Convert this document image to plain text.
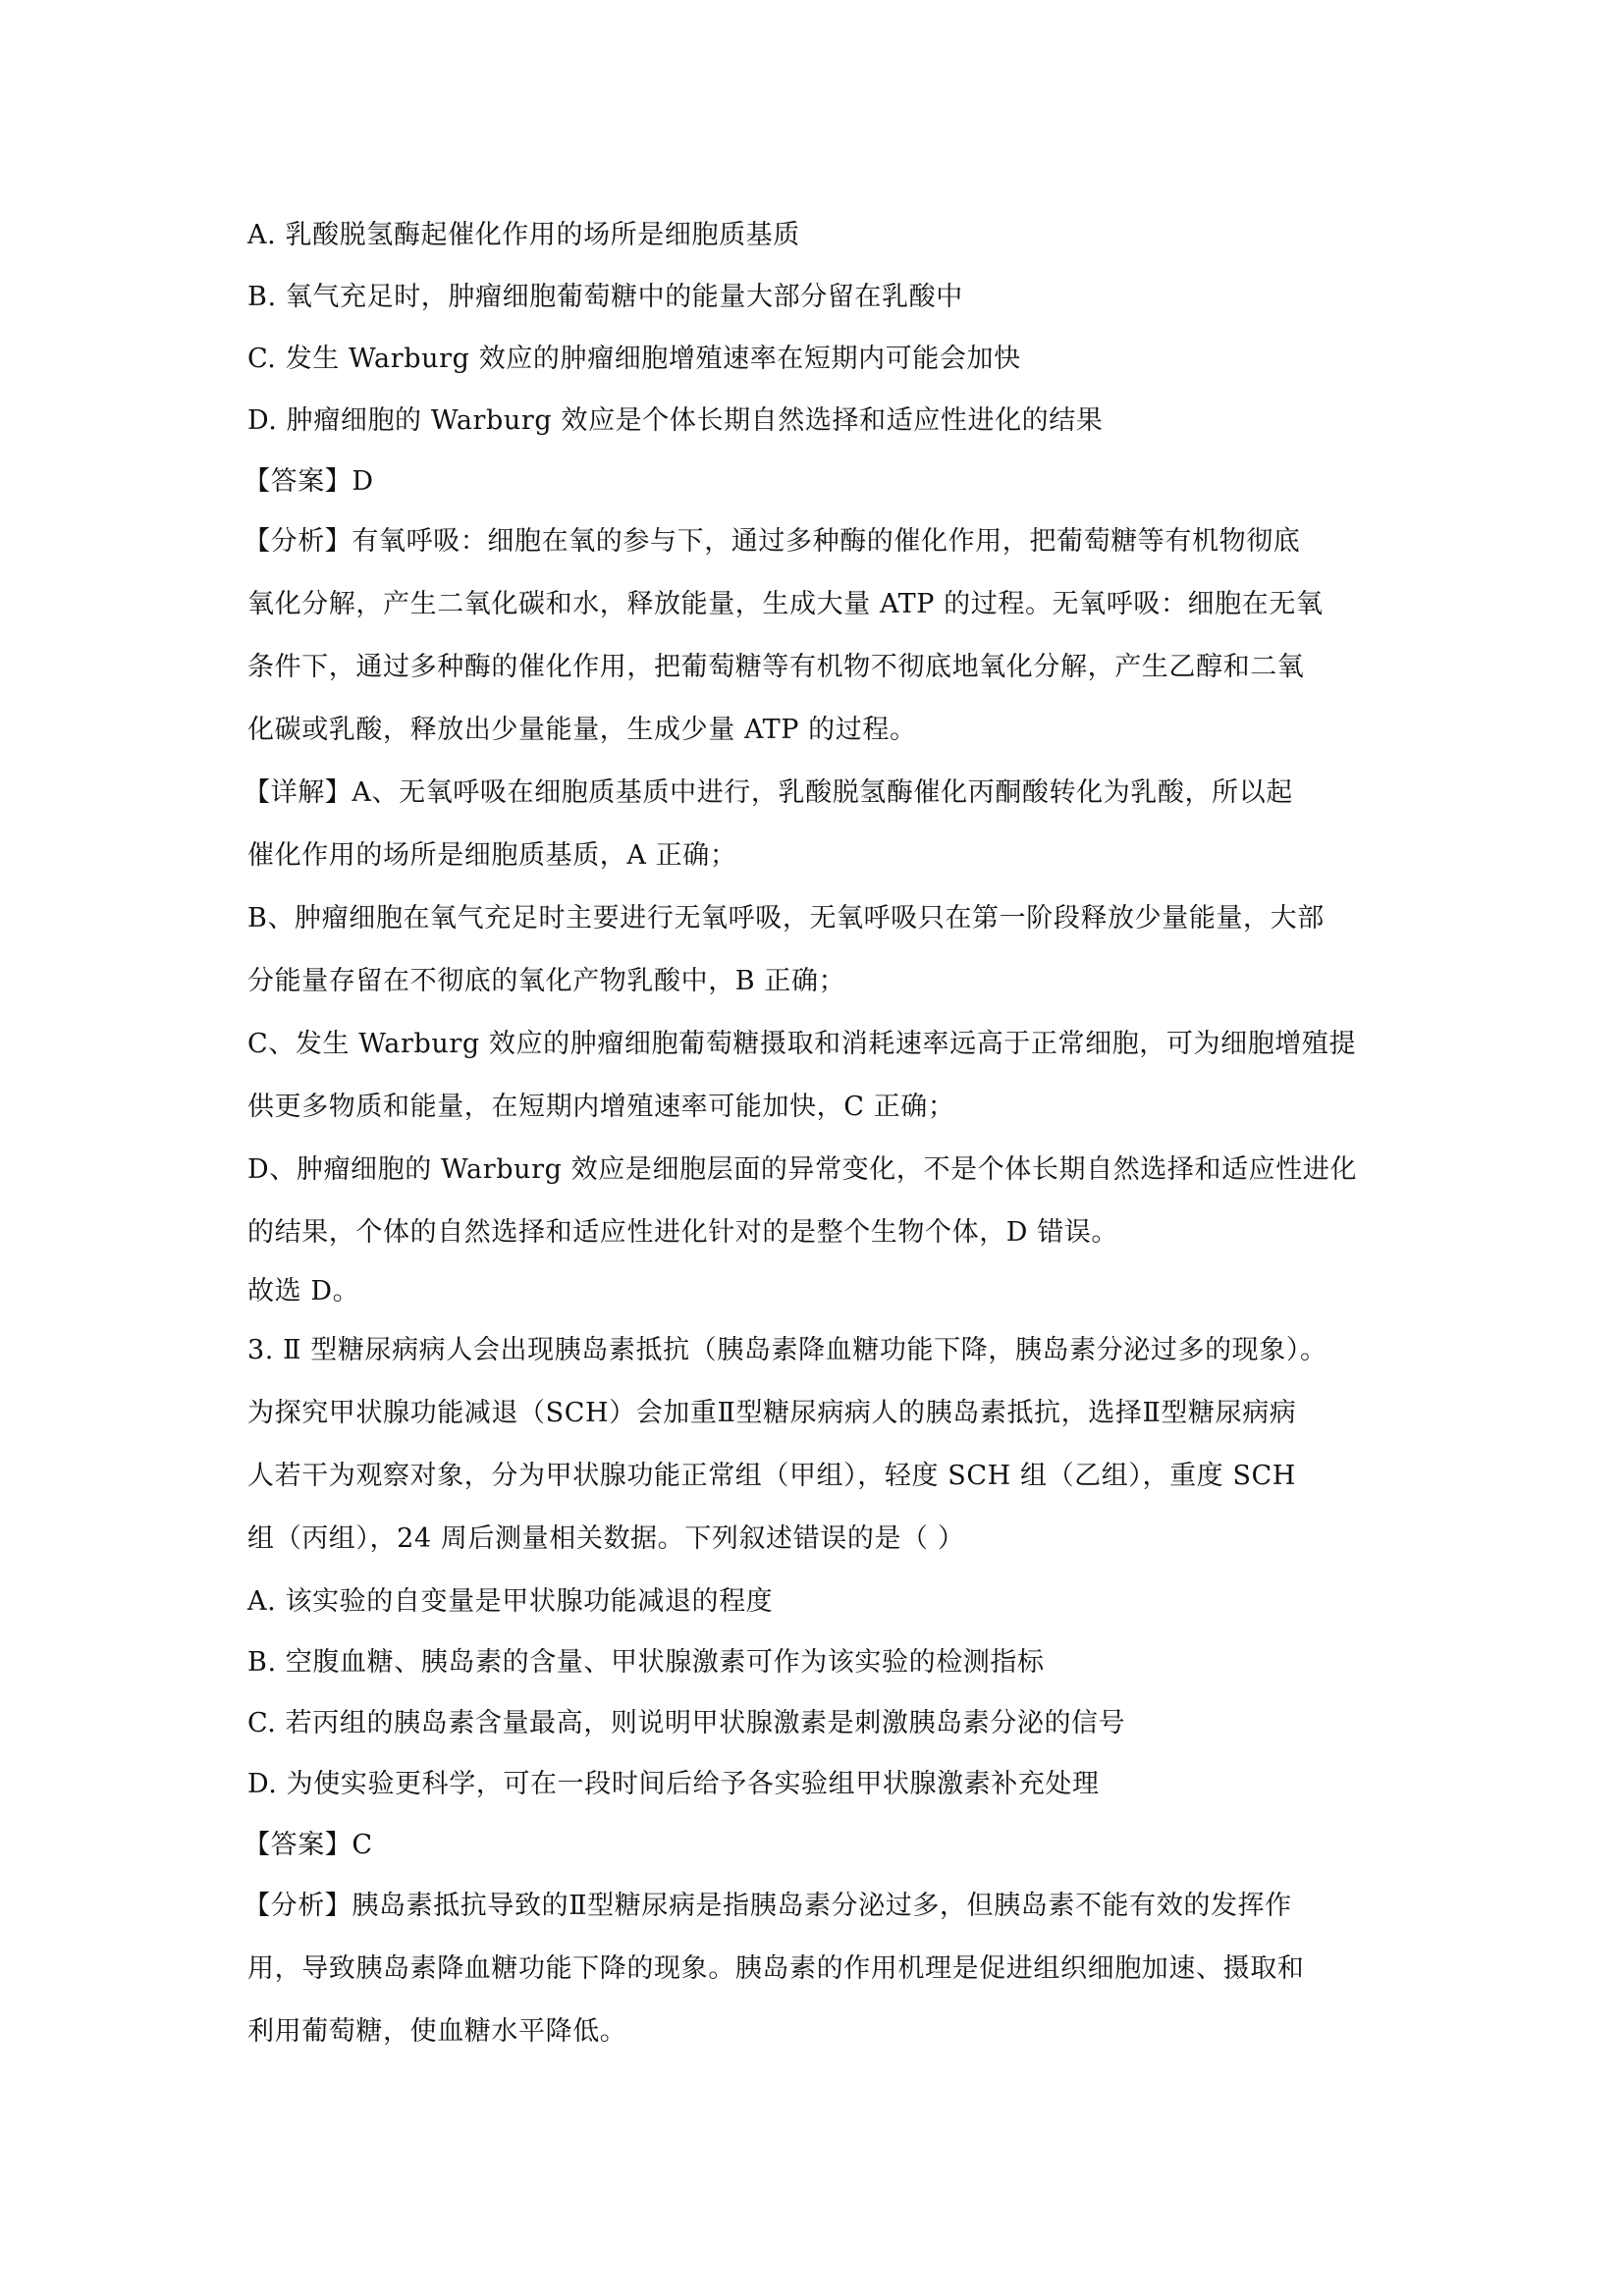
A. 乳酸脱氢酶起催化作用的场所是细胞质基质
B. 氧气充足时，肿瘤细胞葡萄糖中的能量大部分留在乳酸中
C. 发生 Warburg 效应的肿瘤细胞增殖速率在短期内可能会加快
D. 肿瘤细胞的 Warburg 效应是个体长期自然选择和适应性进化的结果
【答案】D
【分析】有氧呼吸：细胞在氧的参与下，通过多种酶的催化作用，把葡萄糖等有机物彻底
氧化分解，产生二氧化碳和水，释放能量，生成大量 ATP 的过程。无氧呼吸：细胞在无氧
条件下，通过多种酶的催化作用，把葡萄糖等有机物不彻底地氧化分解，产生乙醇和二氧
化碳或乳酸，释放出少量能量，生成少量 ATP 的过程。
【详解】A、无氧呼吸在细胞质基质中进行，乳酸脱氢酶催化丙酮酸转化为乳酸，所以起
催化作用的场所是细胞质基质，A 正确；
B、肿瘤细胞在氧气充足时主要进行无氧呼吸，无氧呼吸只在第一阶段释放少量能量，大部
分能量存留在不彻底的氧化产物乳酸中，B 正确；
C、发生 Warburg 效应的肿瘤细胞葡萄糖摄取和消耗速率远高于正常细胞，可为细胞增殖提
供更多物质和能量，在短期内增殖速率可能加快，C 正确；
D、肿瘤细胞的 Warburg 效应是细胞层面的异常变化，不是个体长期自然选择和适应性进化
的结果，个体的自然选择和适应性进化针对的是整个生物个体，D 错误。
故选 D。
3. Ⅱ 型糖尿病病人会出现胰岛素抵抗（胰岛素降血糖功能下降，胰岛素分泌过多的现象）。
为探究甲状腺功能减退（SCH）会加重Ⅱ型糖尿病病人的胰岛素抵抗，选择Ⅱ型糖尿病病
人若干为观察对象，分为甲状腺功能正常组（甲组），轻度 SCH 组（乙组），重度 SCH
组（丙组），24 周后测量相关数据。下列叙述错误的是（ ）
A. 该实验的自变量是甲状腺功能减退的程度
B. 空腹血糖、胰岛素的含量、甲状腺激素可作为该实验的检测指标
C. 若丙组的胰岛素含量最高，则说明甲状腺激素是刺激胰岛素分泌的信号
D. 为使实验更科学，可在一段时间后给予各实验组甲状腺激素补充处理
【答案】C
【分析】胰岛素抵抗导致的Ⅱ型糖尿病是指胰岛素分泌过多，但胰岛素不能有效的发挥作
用，导致胰岛素降血糖功能下降的现象。胰岛素的作用机理是促进组织细胞加速、摄取和
利用葡萄糖，使血糖水平降低。
